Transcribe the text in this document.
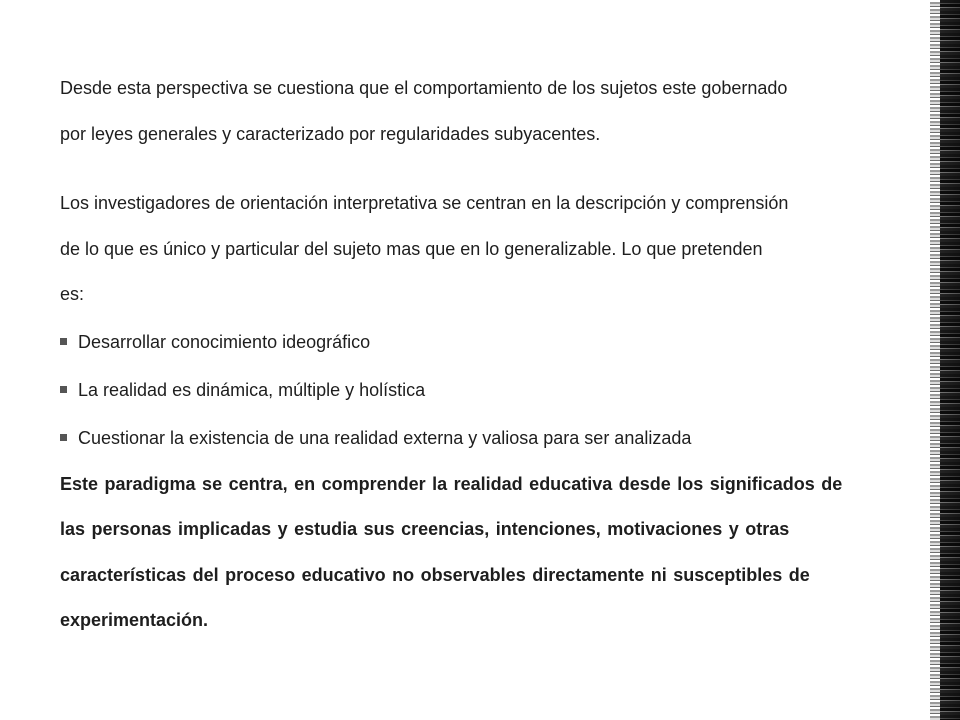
Desde esta perspectiva se cuestiona que el comportamiento de los sujetos este gobernado
por leyes generales y caracterizado por regularidades subyacentes.

Los investigadores de orientación interpretativa se centran en la descripción y comprensión
de lo que es único y particular del sujeto mas que en lo generalizable. Lo que pretenden
es:

Desarrollar conocimiento ideográfico
La realidad es dinámica, múltiple y holística
Cuestionar la existencia de una realidad externa y valiosa para ser analizada

Este paradigma se centra, en comprender la realidad educativa desde los significados de
las personas implicadas y estudia sus creencias, intenciones, motivaciones y otras
características del proceso educativo no observables directamente ni susceptibles de
experimentación.
